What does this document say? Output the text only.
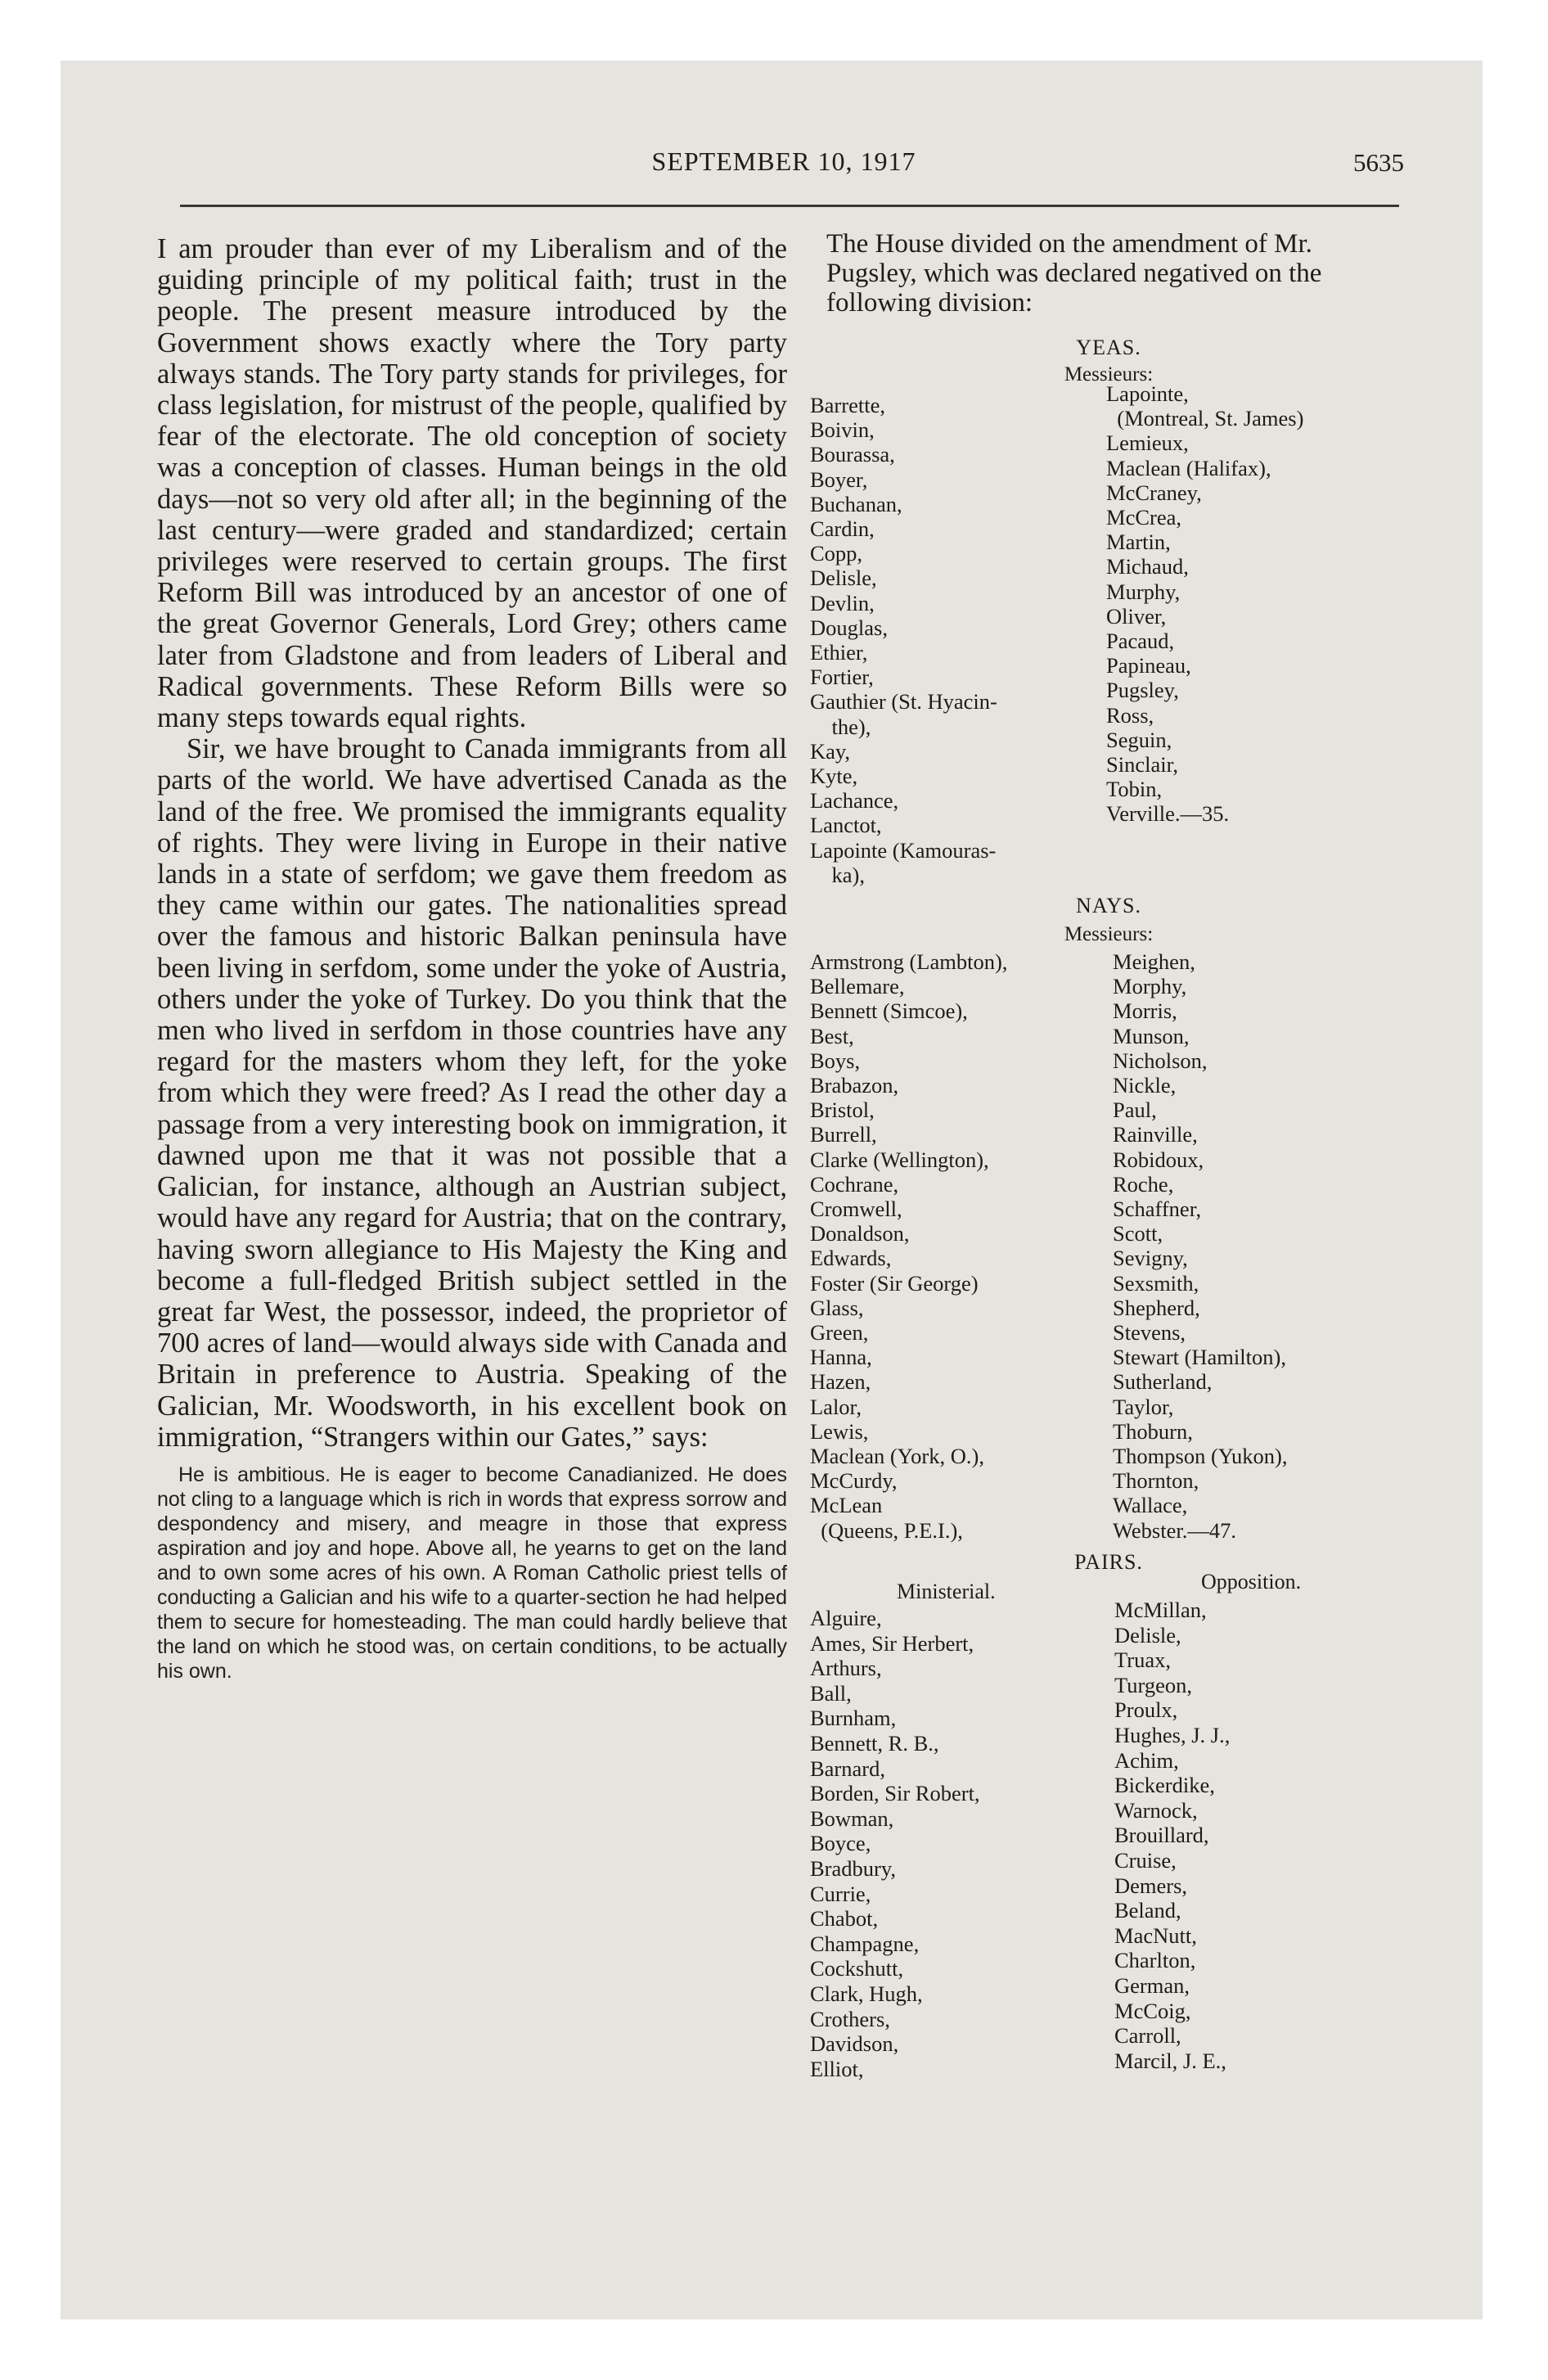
SEPTEMBER 10, 1917	5635

I am prouder than ever of my Liberalism and of the guiding principle of my political faith; trust in the people. The present measure introduced by the Government shows exactly where the Tory party always stands. The Tory party stands for privileges, for class legislation, for mistrust of the people, qualified by fear of the electorate. The old conception of society was a conception of classes. Human beings in the old days—not so very old after all; in the beginning of the last century—were graded and standardized; certain privileges were reserved to certain groups. The first Reform Bill was introduced by an ancestor of one of the great Governor Generals, Lord Grey; others came later from Gladstone and from leaders of Liberal and Radical governments. These Reform Bills were so many steps towards equal rights.

Sir, we have brought to Canada immigrants from all parts of the world. We have advertised Canada as the land of the free. We promised the immigrants equality of rights. They were living in Europe in their native lands in a state of serfdom; we gave them freedom as they came within our gates. The nationalities spread over the famous and historic Balkan peninsula have been living in serfdom, some under the yoke of Austria, others under the yoke of Turkey. Do you think that the men who lived in serfdom in those countries have any regard for the masters whom they left, for the yoke from which they were freed? As I read the other day a passage from a very interesting book on immigration, it dawned upon me that it was not possible that a Galician, for instance, although an Austrian subject, would have any regard for Austria; that on the contrary, having sworn allegiance to His Majesty the King and become a full-fledged British subject settled in the great far West, the possessor, indeed, the proprietor of 700 acres of land—would always side with Canada and Britain in preference to Austria. Speaking of the Galician, Mr. Woodsworth, in his excellent book on immigration, “Strangers within our Gates,” says:

He is ambitious. He is eager to become Canadianized. He does not cling to a language which is rich in words that express sorrow and despondency and misery, and meagre in those that express aspiration and joy and hope. Above all, he yearns to get on the land and to own some acres of his own. A Roman Catholic priest tells of conducting a Galician and his wife to a quarter-section he had helped them to secure for homesteading. The man could hardly believe that the land on which he stood was, on certain conditions, to be actually his own.

The House divided on the amendment of Mr. Pugsley, which was declared negatived on the following division:

YEAS.
Messieurs:
Barrette,
Boivin,
Bourassa,
Boyer,
Buchanan,
Cardin,
Copp,
Delisle,
Devlin,
Douglas,
Ethier,
Fortier,
Gauthier (St. Hyacin-
the),
Kay,
Kyte,
Lachance,
Lanctot,
Lapointe (Kamouras-
ka),
Lapointe,
(Montreal, St. James)
Lemieux,
Maclean (Halifax),
McCraney,
McCrea,
Martin,
Michaud,
Murphy,
Oliver,
Pacaud,
Papineau,
Pugsley,
Ross,
Seguin,
Sinclair,
Tobin,
Verville.—35.
NAYS.
Messieurs:
Armstrong (Lambton),
Bellemare,
Bennett (Simcoe),
Best,
Boys,
Brabazon,
Bristol,
Burrell,
Clarke (Wellington),
Cochrane,
Cromwell,
Donaldson,
Edwards,
Foster (Sir George)
Glass,
Green,
Hanna,
Hazen,
Lalor,
Lewis,
Maclean (York, O.),
McCurdy,
McLean
(Queens, P.E.I.),
Meighen,
Morphy,
Morris,
Munson,
Nicholson,
Nickle,
Paul,
Rainville,
Robidoux,
Roche,
Schaffner,
Scott,
Sevigny,
Sexsmith,
Shepherd,
Stevens,
Stewart (Hamilton),
Sutherland,
Taylor,
Thoburn,
Thompson (Yukon),
Thornton,
Wallace,
Webster.—47.
PAIRS.
Ministerial.	Opposition.
Alguire,
Ames, Sir Herbert,
Arthurs,
Ball,
Burnham,
Bennett, R. B.,
Barnard,
Borden, Sir Robert,
Bowman,
Boyce,
Bradbury,
Currie,
Chabot,
Champagne,
Cockshutt,
Clark, Hugh,
Crothers,
Davidson,
Elliot,
McMillan,
Delisle,
Truax,
Turgeon,
Proulx,
Hughes, J. J.,
Achim,
Bickerdike,
Warnock,
Brouillard,
Cruise,
Demers,
Beland,
MacNutt,
Charlton,
German,
McCoig,
Carroll,
Marcil, J. E.,
